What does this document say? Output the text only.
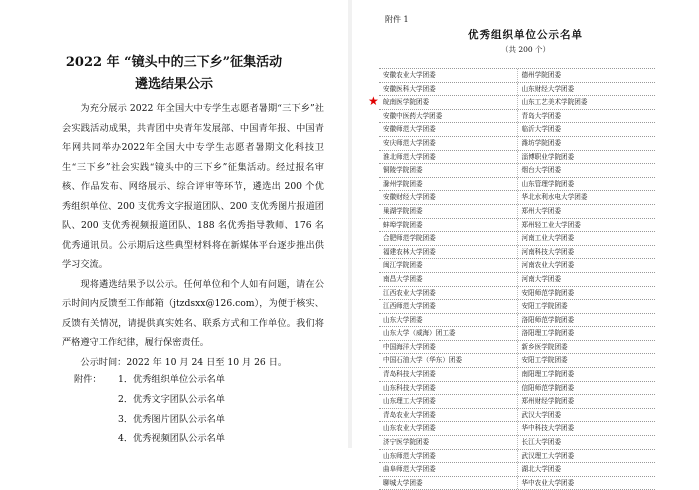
2022 年 “镜头中的三下乡”征集活动
遴选结果公示

为充分展示 2022 年全国大中专学生志愿者暑期“三下乡”社会实践活动成果，共青团中央青年发展部、中国青年报、中国青年网共同举办2022年全国大中专学生志愿者暑期文化科技卫生“三下乡”社会实践“镜头中的三下乡”征集活动。经过报名审核、作品发布、网络展示、综合评审等环节，遴选出 200 个优秀组织单位、200 支优秀文字报道团队、200 支优秀图片报道团队、200 支优秀视频报道团队、188 名优秀指导教师、176 名优秀通讯员。公示期后这些典型材料将在新媒体平台逐步推出供学习交流。

现将遴选结果予以公示。任何单位和个人如有问题，请在公示时间内反馈至工作邮箱（jtzdsxx@126.com），为便于核实、反馈有关情况，请提供真实姓名、联系方式和工作单位。我们将严格遵守工作纪律，履行保密责任。

公示时间：2022 年 10 月 24 日至 10 月 26 日。

附件： 1．优秀组织单位公示名单
2．优秀文字团队公示名单
3．优秀图片团队公示名单
4．优秀视频团队公示名单
附件 1
优秀组织单位公示名单
（共 200 个）
★
安徽农业大学团委	德州学院团委
安徽医科大学团委	山东财经大学团委
皖南医学院团委	山东工艺美术学院团委
安徽中医药大学团委	青岛大学团委
安徽师范大学团委	临沂大学团委
安庆师范大学团委	潍坊学院团委
淮北师范大学团委	淄博职业学院团委
铜陵学院团委	烟台大学团委
滁州学院团委	山东管理学院团委
安徽财经大学团委	华北水利水电大学团委
巢湖学院团委	郑州大学团委
蚌埠学院团委	郑州轻工业大学团委
合肥师范学院团委	河南工业大学团委
福建农林大学团委	河南科技大学团委
闽江学院团委	河南农业大学团委
南昌大学团委	河南大学团委
江西农业大学团委	安阳师范学院团委
江西师范大学团委	安阳工学院团委
山东大学团委	洛阳师范学院团委
山东大学（威海）团工委	洛阳理工学院团委
中国海洋大学团委	新乡医学院团委
中国石油大学（华东）团委	安阳工学院团委
青岛科技大学团委	南阳理工学院团委
山东科技大学团委	信阳师范学院团委
山东理工大学团委	郑州财经学院团委
青岛农业大学团委	武汉大学团委
山东农业大学团委	华中科技大学团委
济宁医学院团委	长江大学团委
山东师范大学团委	武汉理工大学团委
曲阜师范大学团委	湖北大学团委
聊城大学团委	华中农业大学团委
